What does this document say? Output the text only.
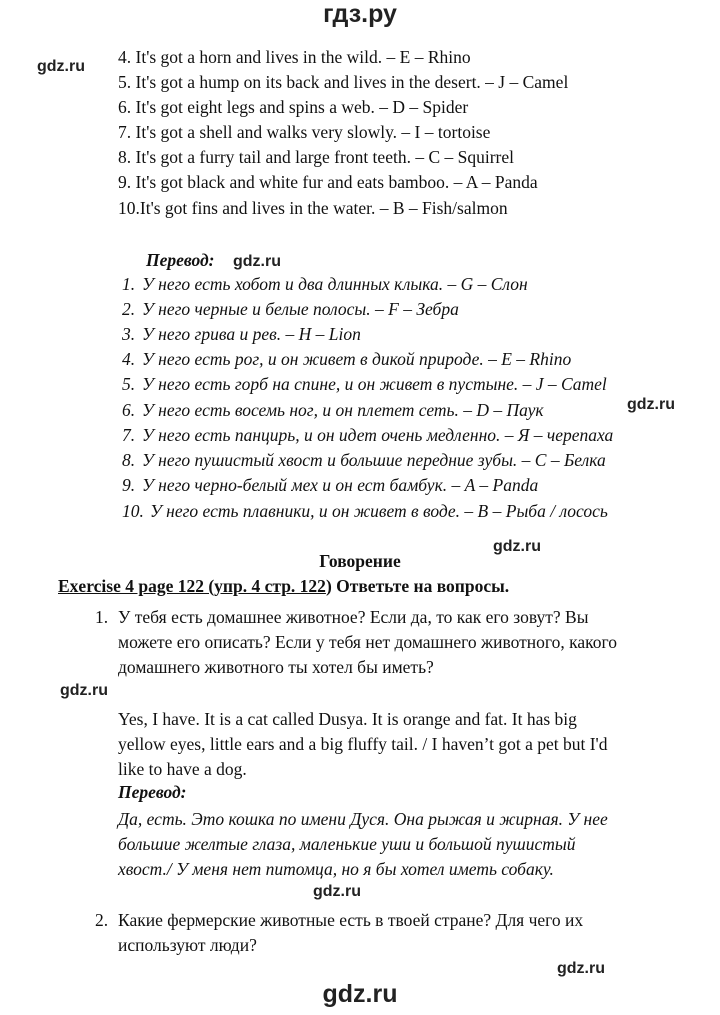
гдз.ру
gdz.ru 4. It's got a horn and lives in the wild. – E – Rhino
5. It's got a hump on its back and lives in the desert. – J – Camel
6. It's got eight legs and spins a web. – D – Spider
7. It's got a shell and walks very slowly. – I – tortoise
8. It's got a furry tail and large front teeth. – C – Squirrel
9. It's got black and white fur and eats bamboo. – A – Panda
10.It's got fins and lives in the water. – B – Fish/salmon
Перевод: gdz.ru
1. У него есть хобот и два длинных клыка. – G – Слон
2. У него черные и белые полосы. – F – Зебра
3. У него грива и рев. – H – Lion
4. У него есть рог, и он живет в дикой природе. – E – Rhino
5. У него есть горб на спине, и он живет в пустыне. – J – Camel
6. У него есть восемь ног, и он плетет сеть. – D – Паук	gdz.ru
7. У него есть панцирь, и он идет очень медленно. – Я – черепаха
8. У него пушистый хвост и большие передние зубы. – C – Белка
9. У него черно-белый мех и он ест бамбук. – A – Panda
10. У него есть плавники, и он живет в воде. – B – Рыба / лосось
Говорение
gdz.ru
Exercise 4 page 122 (упр. 4 стр. 122) Ответьте на вопросы.
1. У тебя есть домашнее животное? Если да, то как его зовут? Вы
можете его описать? Если у тебя нет домашнего животного, какого
домашнего животного ты хотел бы иметь?
gdz.ru
Yes, I have. It is a cat called Dusya. It is orange and fat. It has big
yellow eyes, little ears and a big fluffy tail. / I haven’t got a pet but I'd
like to have a dog.
Перевод:
Да, есть. Это кошка по имени Дуся. Она рыжая и жирная. У нее
большие желтые глаза, маленькие уши и большой пушистый
хвост./ У меня нет питомца, но я бы хотел иметь собаку.
gdz.ru
2. Какие фермерские животные есть в твоей стране? Для чего их
используют люди?
gdz.ru
gdz.ru
